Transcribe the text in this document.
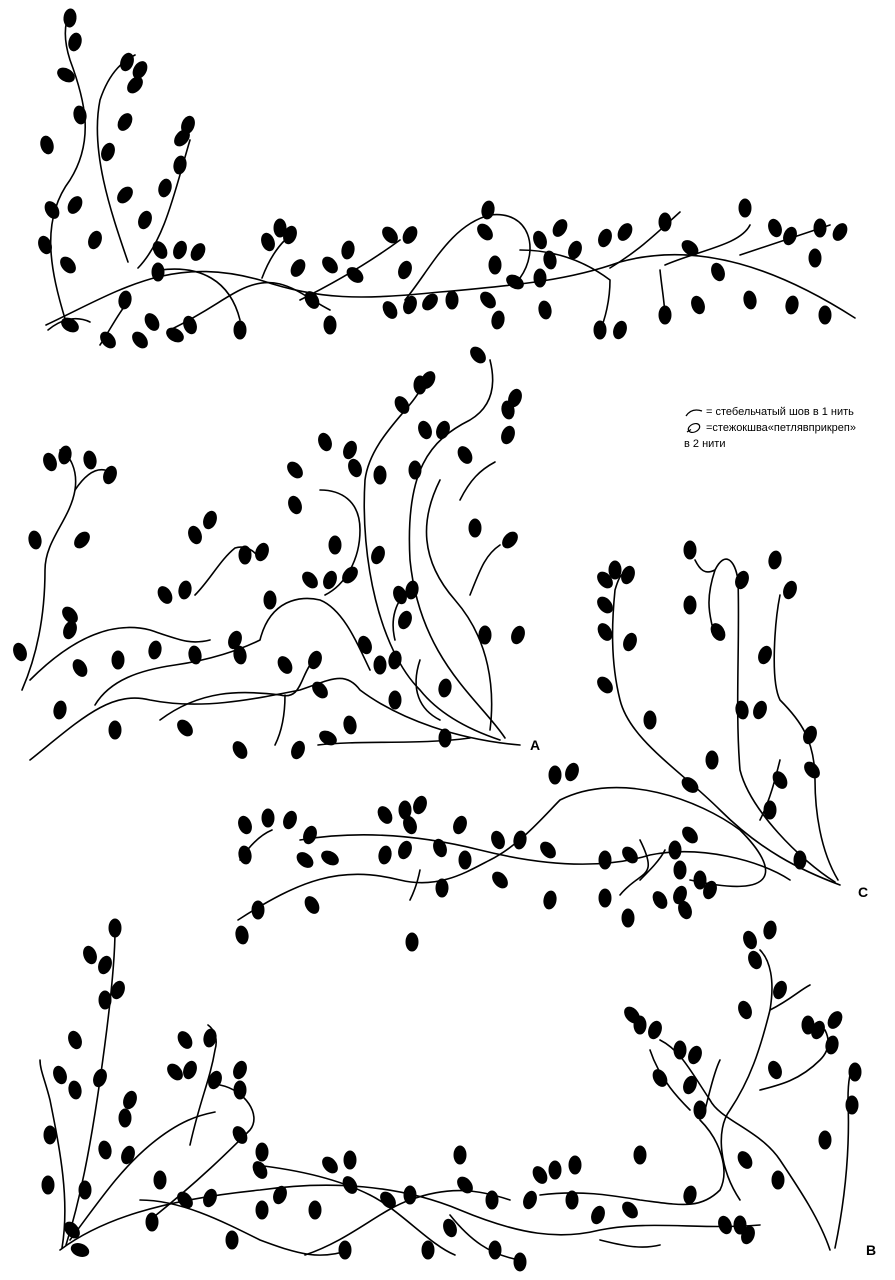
= стебельчатый шов в 1 нить
=стежокшва«петлявприкреп»
в 2 нити
A
C
B
